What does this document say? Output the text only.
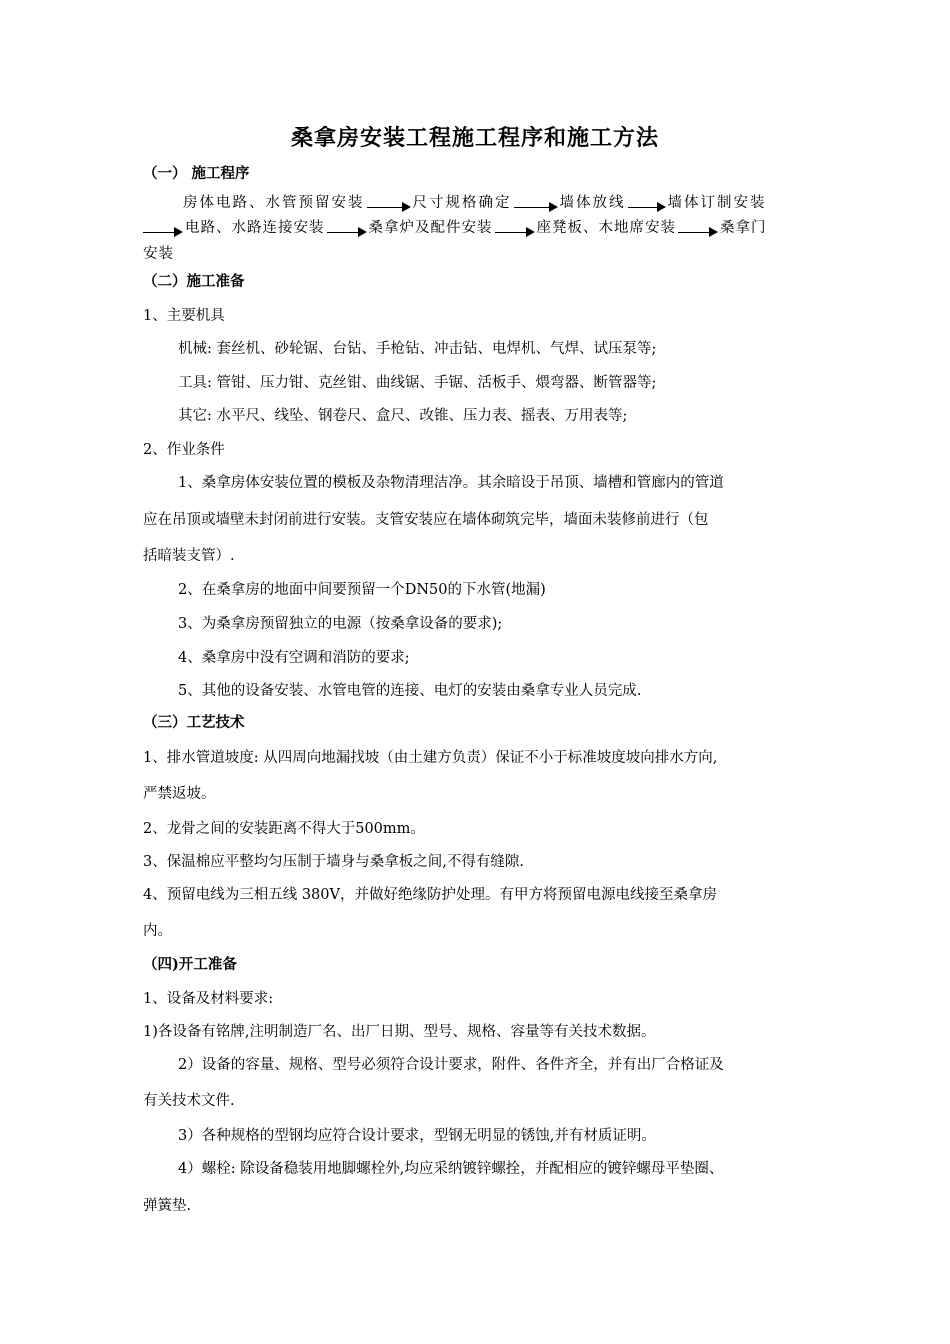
桑拿房安装工程施工程序和施工方法
（一） 施工程序
房体电路、水管预留安装	尺寸规格确定	墙体放线	墙体订制安装
电路、水路连接安装	桑拿炉及配件安装	座凳板、木地席安装	桑拿门
安装
（二）施工准备
1、主要机具
机械: 套丝机、砂轮锯、台钻、手枪钻、冲击钻、电焊机、气焊、试压泵等;
工具: 管钳、压力钳、克丝钳、曲线锯、手锯、活板手、煨弯器、断管器等;
其它: 水平尺、线坠、钢卷尺、盒尺、改锥、压力表、摇表、万用表等;
2、作业条件
1、桑拿房体安装位置的模板及杂物清理洁净。其余暗设于吊顶、墙槽和管廊内的管道
应在吊顶或墙壁未封闭前进行安装。支管安装应在墙体砌筑完毕，墙面未装修前进行（包
括暗装支管）.
2、在桑拿房的地面中间要预留一个DN50的下水管(地漏)
3、为桑拿房预留独立的电源（按桑拿设备的要求);
4、桑拿房中没有空调和消防的要求;
5、其他的设备安装、水管电管的连接、电灯的安装由桑拿专业人员完成.
（三）工艺技术
1、排水管道坡度: 从四周向地漏找坡（由土建方负责）保证不小于标准坡度坡向排水方向,
严禁返坡。
2、龙骨之间的安装距离不得大于500mm。
3、保温棉应平整均匀压制于墙身与桑拿板之间,不得有缝隙.
4、预留电线为三相五线 380V，并做好绝缘防护处理。有甲方将预留电源电线接至桑拿房
内。
（四)开工准备
1、设备及材料要求:
1)各设备有铭牌,注明制造厂名、出厂日期、型号、规格、容量等有关技术数据。
2）设备的容量、规格、型号必须符合设计要求，附件、各件齐全，并有出厂合格证及
有关技术文件.
3）各种规格的型钢均应符合设计要求，型钢无明显的锈蚀,并有材质证明。
4）螺栓: 除设备稳装用地脚螺栓外,均应采纳镀锌螺拴，并配相应的镀锌螺母平垫圈、
弹簧垫.
